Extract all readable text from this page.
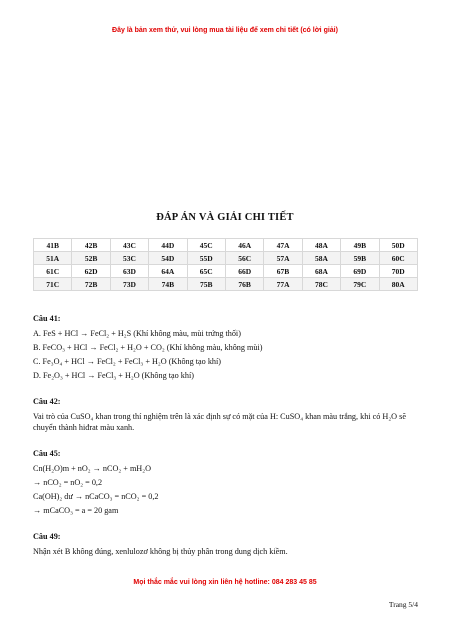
Đây là bản xem thử, vui lòng mua tài liệu để xem chi tiết (có lời giải)
ĐÁP ÁN VÀ GIẢI CHI TIẾT
41B	42B	43C	44D	45C	46A	47A	48A	49B	50D
51A	52B	53C	54D	55D	56C	57A	58A	59B	60C
61C	62D	63D	64A	65C	66D	67B	68A	69D	70D
71C	72B	73D	74B	75B	76B	77A	78C	79C	80A
Câu 41:
A. FeS + HCl → FeCl₂ + H₂S (Khí không màu, mùi trứng thối)
B. FeCO₃ + HCl → FeCl₂ + H₂O + CO₂ (Khí không màu, không mùi)
C. Fe₃O₄ + HCl → FeCl₂ + FeCl₃ + H₂O (Không tạo khí)
D. Fe₂O₃ + HCl → FeCl₃ + H₂O (Không tạo khí)
Câu 42:
Vai trò của CuSO₄ khan trong thí nghiệm trên là xác định sự có mặt của H: CuSO₄ khan màu trắng, khi có H₂O sẽ chuyển thành hiđrat màu xanh.
Câu 45:
Cn(H₂O)m + nO₂ → nCO₂ + mH₂O
→ nCO₂ = nO₂ = 0,2
Ca(OH)₂ dư → nCaCO₃ = nCO₂ = 0,2
→ mCaCO₃ = a = 20 gam
Câu 49:
Nhận xét B không đúng, xenlulozơ không bị thủy phân trong dung dịch kiềm.
Mọi thắc mắc vui lòng xin liên hệ hotline: 084 283 45 85
Trang 5/4
